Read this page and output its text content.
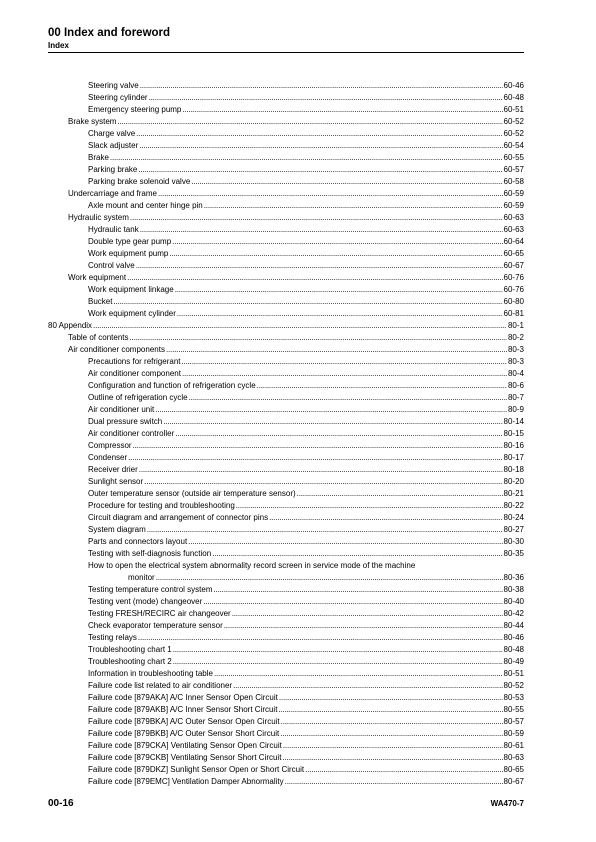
00 Index and foreword
Index
Steering valve . . .	60-46
Steering cylinder . . .	60-48
Emergency steering pump . . .	60-51
Brake system . . .	60-52
Charge valve . . .	60-52
Slack adjuster . . .	60-54
Brake . . .	60-55
Parking brake . . .	60-57
Parking brake solenoid valve . . .	60-58
Undercarriage and frame . . .	60-59
Axle mount and center hinge pin . . .	60-59
Hydraulic system . . .	60-63
Hydraulic tank . . .	60-63
Double type gear pump . . .	60-64
Work equipment pump . . .	60-65
Control valve . . .	60-67
Work equipment . . .	60-76
Work equipment linkage . . .	60-76
Bucket . . .	60-80
Work equipment cylinder . . .	60-81
80 Appendix . . .	80-1
Table of contents . . .	80-2
Air conditioner components . . .	80-3
Precautions for refrigerant . . .	80-3
Air conditioner component . . .	80-4
Configuration and function of refrigeration cycle . . .	80-6
Outline of refrigeration cycle . . .	80-7
Air conditioner unit . . .	80-9
Dual pressure switch . . .	80-14
Air conditioner controller . . .	80-15
Compressor . . .	80-16
Condenser . . .	80-17
Receiver drier . . .	80-18
Sunlight sensor . . .	80-20
Outer temperature sensor (outside air temperature sensor) . . .	80-21
Procedure for testing and troubleshooting . . .	80-22
Circuit diagram and arrangement of connector pins . . .	80-24
System diagram . . .	80-27
Parts and connectors layout . . .	80-30
Testing with self-diagnosis function . . .	80-35
How to open the electrical system abnormality record screen in service mode of the machine
monitor . . .	80-36
Testing temperature control system . . .	80-38
Testing vent (mode) changeover . . .	80-40
Testing FRESH/RECIRC air changeover . . .	80-42
Check evaporator temperature sensor . . .	80-44
Testing relays . . .	80-46
Troubleshooting chart 1 . . .	80-48
Troubleshooting chart 2 . . .	80-49
Information in troubleshooting table . . .	80-51
Failure code list related to air conditioner . . .	80-52
Failure code [879AKA] A/C Inner Sensor Open Circuit . . .	80-53
Failure code [879AKB] A/C Inner Sensor Short Circuit . . .	80-55
Failure code [879BKA] A/C Outer Sensor Open Circuit . . .	80-57
Failure code [879BKB] A/C Outer Sensor Short Circuit . . .	80-59
Failure code [879CKA] Ventilating Sensor Open Circuit . . .	80-61
Failure code [879CKB] Ventilating Sensor Short Circuit . . .	80-63
Failure code [879DKZ] Sunlight Sensor Open or Short Circuit . . .	80-65
Failure code [879EMC] Ventilation Damper Abnormality . . .	80-67
00-16	WA470-7
